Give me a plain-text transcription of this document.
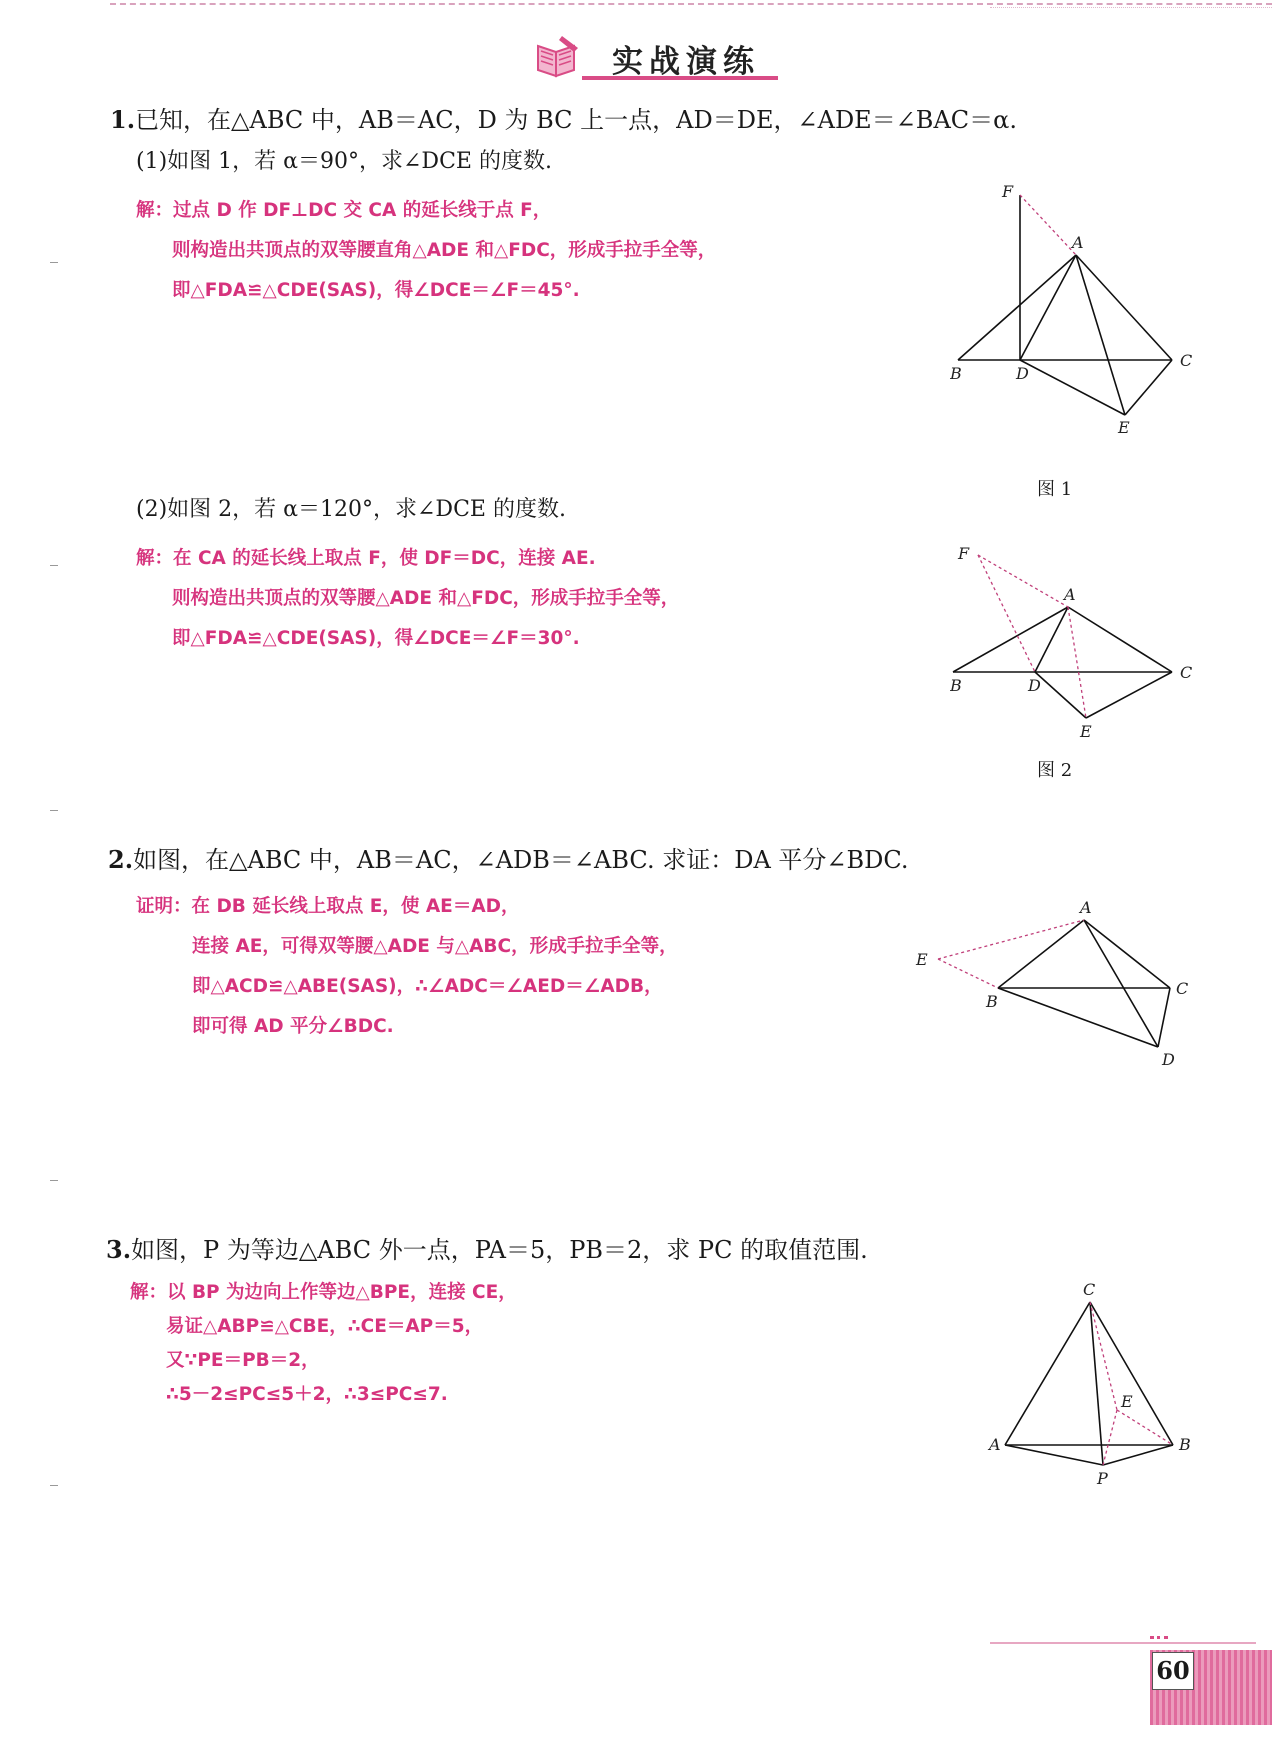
实战演练
1.已知，在△ABC 中，AB＝AC，D 为 BC 上一点，AD＝DE，∠ADE＝∠BAC＝α.
(1)如图 1，若 α＝90°，求∠DCE 的度数.
解：过点 D 作 DF⊥DC 交 CA 的延长线于点 F，
则构造出共顶点的双等腰直角△ADE 和△FDC，形成手拉手全等，
即△FDA≌△CDE(SAS)，得∠DCE＝∠F＝45°.
F
A
B	D
C
E
图 1
(2)如图 2，若 α＝120°，求∠DCE 的度数.
解：在 CA 的延长线上取点 F，使 DF＝DC，连接 AE.
则构造出共顶点的双等腰△ADE 和△FDC，形成手拉手全等，
即△FDA≌△CDE(SAS)，得∠DCE＝∠F＝30°.
F
A
B	D
C
E
图 2
2.如图，在△ABC 中，AB＝AC，∠ADB＝∠ABC. 求证：DA 平分∠BDC.
证明：在 DB 延长线上取点 E，使 AE＝AD，
连接 AE，可得双等腰△ADE 与△ABC，形成手拉手全等，
即△ACD≌△ABE(SAS)，∴∠ADC＝∠AED＝∠ADB，
即可得 AD 平分∠BDC.
A
E
B
C
D
3.如图，P 为等边△ABC 外一点，PA＝5，PB＝2，求 PC 的取值范围.
解：以 BP 为边向上作等边△BPE，连接 CE，
易证△ABP≌△CBE，∴CE＝AP＝5，
又∵PE＝PB＝2，
∴5－2≤PC≤5＋2，∴3≤PC≤7.
C
E
A	B
P
60
